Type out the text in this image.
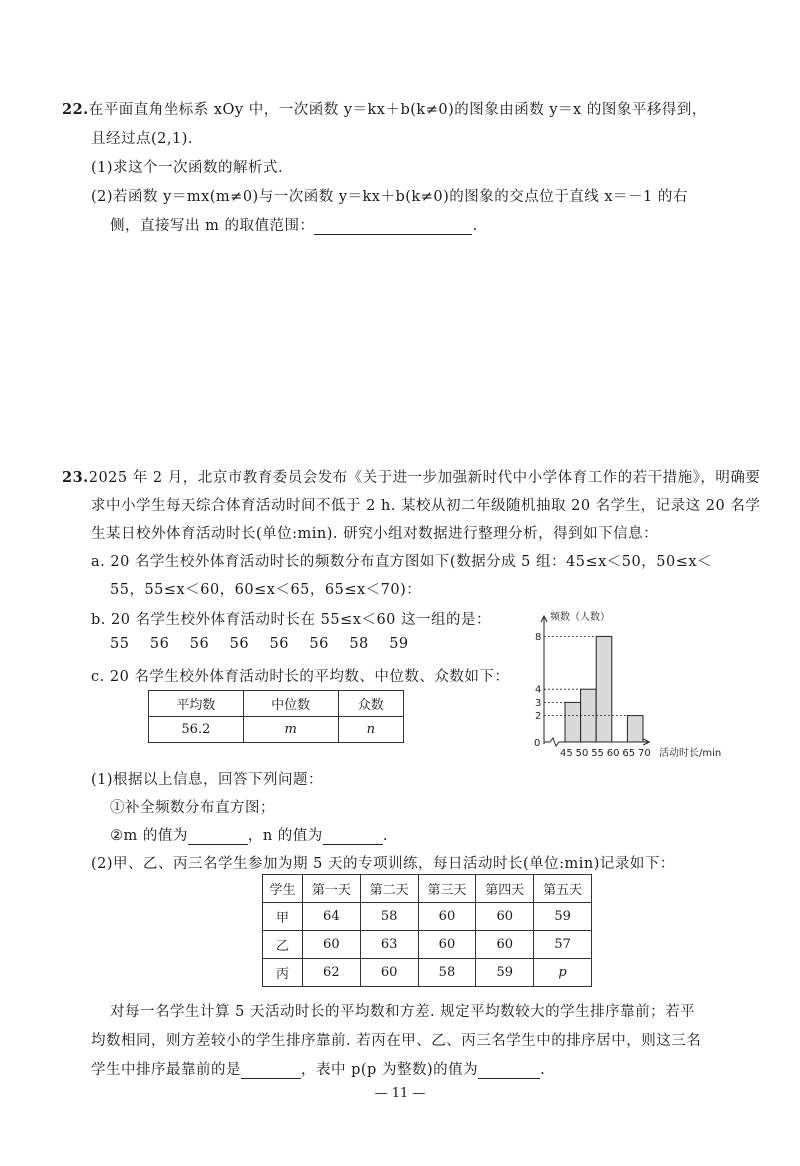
22.在平面直角坐标系 xOy 中，一次函数 y＝kx＋b(k≠0)的图象由函数 y＝x 的图象平移得到，
且经过点(2,1).
(1)求这个一次函数的解析式.
(2)若函数 y＝mx(m≠0)与一次函数 y＝kx＋b(k≠0)的图象的交点位于直线 x＝－1 的右
侧，直接写出 m 的取值范围：	.
23.2025 年 2 月，北京市教育委员会发布《关于进一步加强新时代中小学体育工作的若干措施》，明确要
求中小学生每天综合体育活动时间不低于 2 h. 某校从初二年级随机抽取 20 名学生，记录这 20 名学
生某日校外体育活动时长(单位:min). 研究小组对数据进行整理分析，得到如下信息：
a. 20 名学生校外体育活动时长的频数分布直方图如下(数据分成 5 组：45≤x＜50，50≤x＜
55，55≤x＜60，60≤x＜65，65≤x＜70)：
b. 20 名学生校外体育活动时长在 55≤x＜60 这一组的是：
55    56    56    56    56    56    58    59
c. 20 名学生校外体育活动时长的平均数、中位数、众数如下：
平均数	中位数	众数
56.2	m	n
频数（人数）
活动时长/min
0
2
3
4
8
45 50 55 60 65 70
(1)根据以上信息，回答下列问题：
①补全频数分布直方图；
②m 的值为	，n 的值为	.
(2)甲、乙、丙三名学生参加为期 5 天的专项训练，每日活动时长(单位:min)记录如下：
学生	第一天	第二天	第三天	第四天	第五天
甲	64	58	60	60	59
乙	60	63	60	60	57
丙	62	60	58	59	p
对每一名学生计算 5 天活动时长的平均数和方差. 规定平均数较大的学生排序靠前；若平
均数相同，则方差较小的学生排序靠前. 若丙在甲、乙、丙三名学生中的排序居中，则这三名
学生中排序最靠前的是	，表中 p(p 为整数)的值为	.
— 11 —
